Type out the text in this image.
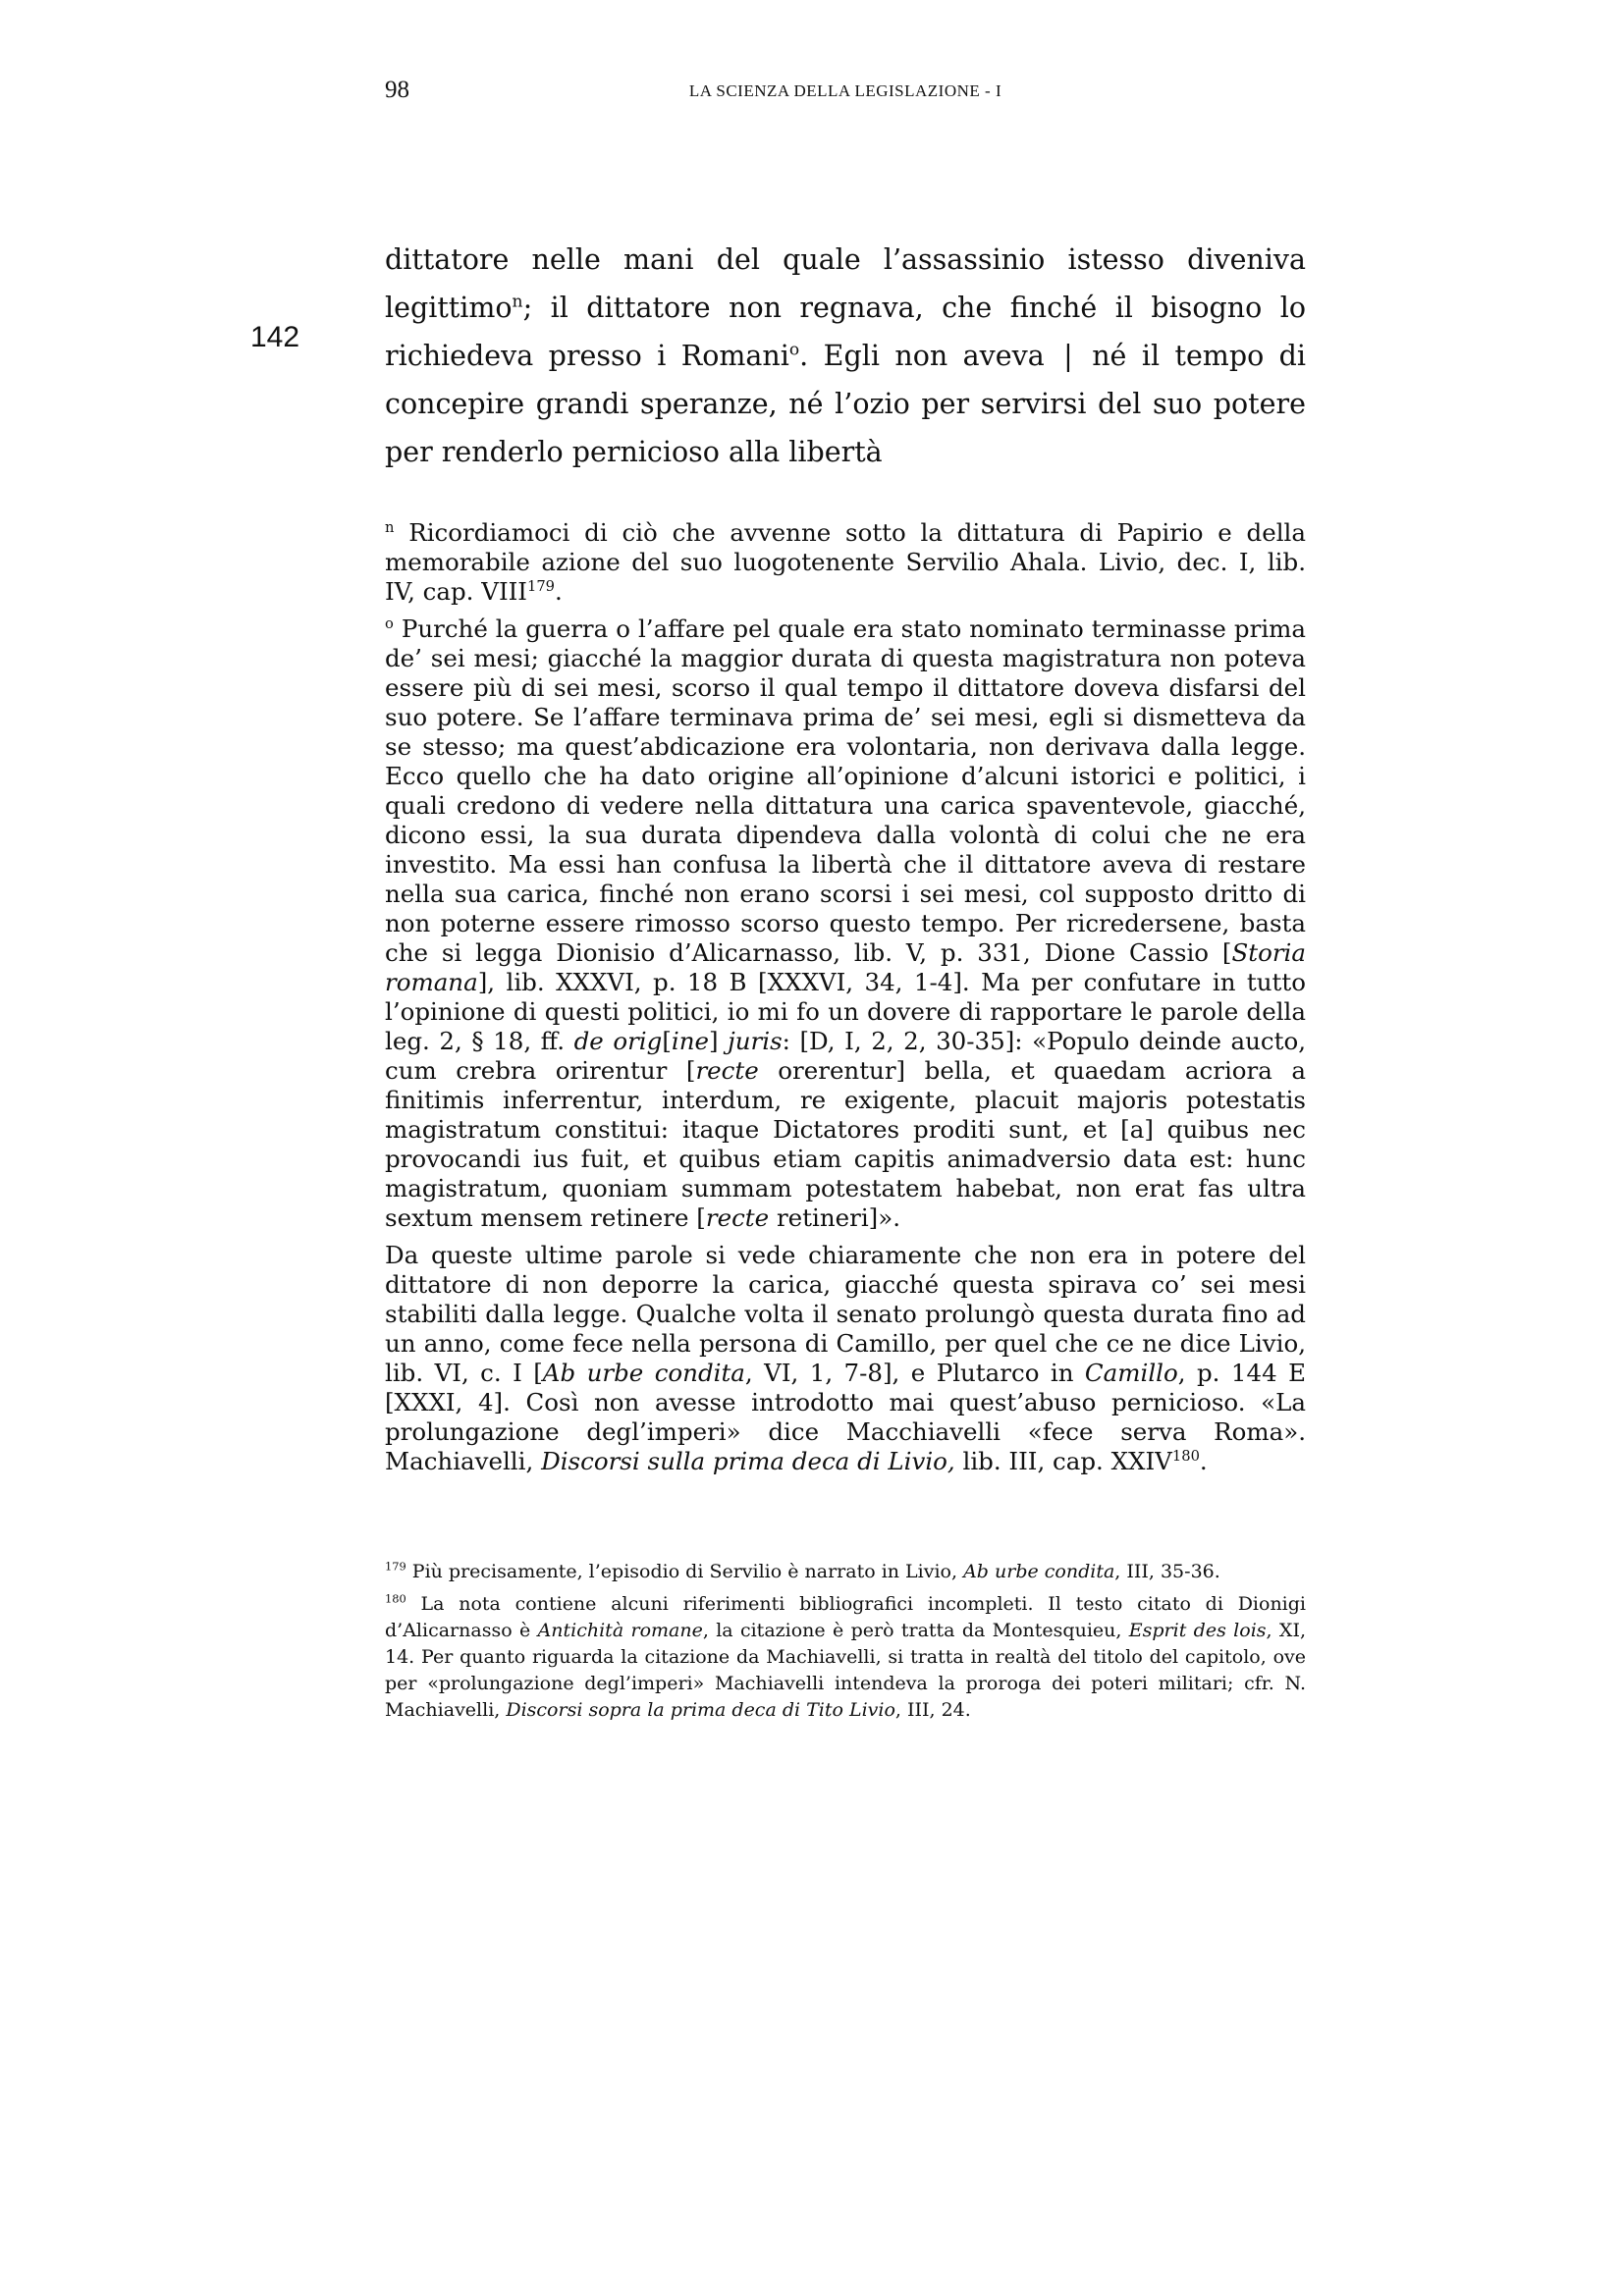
98	LA SCIENZA DELLA LEGISLAZIONE - I
142
dittatore nelle mani del quale l’assassinio istesso diveniva legittimo$^n$; il dittatore non regnava, che finché il bisogno lo richiedeva presso i Romani$^o$. Egli non aveva | né il tempo di concepire grandi speranze, né l’ozio per servirsi del suo potere per renderlo pernicioso alla libertà

$^n$ Ricordiamoci di ciò che avvenne sotto la dittatura di Papirio e della memorabile azione del suo luogotenente Servilio Ahala. Livio, dec. I, lib. IV, cap. VIII$^{179}$.

$^o$ Purché la guerra o l’affare pel quale era stato nominato terminasse prima de’ sei mesi; giacché la maggior durata di questa magistratura non poteva essere più di sei mesi, scorso il qual tempo il dittatore doveva disfarsi del suo potere. Se l’affare terminava prima de’ sei mesi, egli si dismetteva da se stesso; ma quest’abdicazione era volontaria, non derivava dalla legge. Ecco quello che ha dato origine all’opinione d’alcuni istorici e politici, i quali credono di vedere nella dittatura una carica spaventevole, giacché, dicono essi, la sua durata dipendeva dalla volontà di colui che ne era investito. Ma essi han confusa la libertà che il dittatore aveva di restare nella sua carica, finché non erano scorsi i sei mesi, col supposto dritto di non poterne essere rimosso scorso questo tempo. Per ricredersene, basta che si legga Dionisio d’Alicarnasso, lib. V, p. 331, Dione Cassio [Storia romana], lib. XXXVI, p. 18 B [XXXVI, 34, 1-4]. Ma per confutare in tutto l’opinione di questi politici, io mi fo un dovere di rapportare le parole della leg. 2, § 18, ff. de orig[ine] juris: [D, I, 2, 2, 30-35]: «Populo deinde aucto, cum crebra orirentur [recte orerentur] bella, et quaedam acriora a finitimis inferrentur, interdum, re exigente, placuit majoris potestatis magistratum constitui: itaque Dictatores proditi sunt, et [a] quibus nec provocandi ius fuit, et quibus etiam capitis animadversio data est: hunc magistratum, quoniam summam potestatem habebat, non erat fas ultra sextum mensem retinere [recte retineri]».

Da queste ultime parole si vede chiaramente che non era in potere del dittatore di non deporre la carica, giacché questa spirava co’ sei mesi stabiliti dalla legge. Qualche volta il senato prolungò questa durata fino ad un anno, come fece nella persona di Camillo, per quel che ce ne dice Livio, lib. VI, c. I [Ab urbe condita, VI, 1, 7-8], e Plutarco in Camillo, p. 144 E [XXXI, 4]. Così non avesse introdotto mai quest’abuso pernicioso. «La prolungazione degl’imperi» dice Macchiavelli «fece serva Roma». Machiavelli, Discorsi sulla prima deca di Livio, lib. III, cap. XXIV$^{180}$.

$^{179}$ Più precisamente, l’episodio di Servilio è narrato in Livio, Ab urbe condita, III, 35-36.

$^{180}$ La nota contiene alcuni riferimenti bibliografici incompleti. Il testo citato di Dionigi d’Alicarnasso è Antichità romane, la citazione è però tratta da Montesquieu, Esprit des lois, XI, 14. Per quanto riguarda la citazione da Machiavelli, si tratta in realtà del titolo del capitolo, ove per «prolungazione degl’imperi» Machiavelli intendeva la proroga dei poteri militari; cfr. N. Machiavelli, Discorsi sopra la prima deca di Tito Livio, III, 24.
